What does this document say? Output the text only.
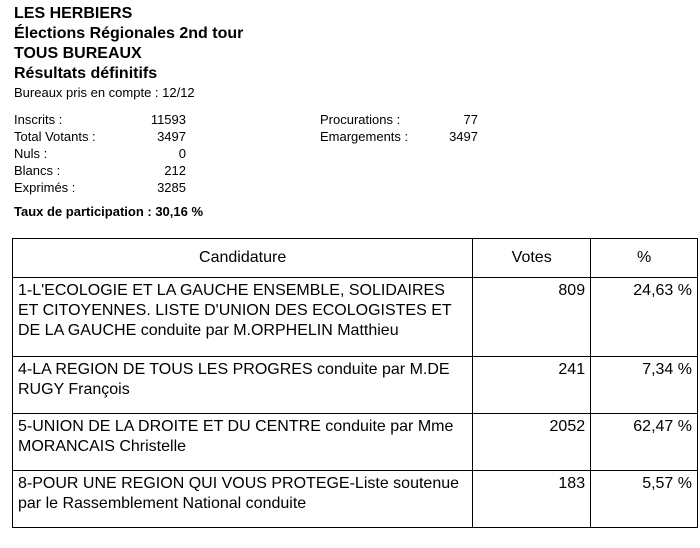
LES HERBIERS
Élections Régionales 2nd tour
TOUS BUREAUX
Résultats définitifs
Bureaux pris en compte : 12/12
Inscrits :	11593
Total Votants :	3497
Nuls :	0
Blancs :	212
Exprimés :	3285
Procurations :	77
Emargements :	3497
Taux de participation : 30,16 %
Candidature	Votes	%
1-L'ECOLOGIE ET LA GAUCHE ENSEMBLE, SOLIDAIRES ET CITOYENNES. LISTE D'UNION DES ECOLOGISTES ET DE LA GAUCHE conduite par M.ORPHELIN Matthieu	809	24,63 %
4-LA REGION DE TOUS LES PROGRES conduite par M.DE RUGY François	241	7,34 %
5-UNION DE LA DROITE ET DU CENTRE conduite par Mme MORANCAIS Christelle	2052	62,47 %
8-POUR UNE REGION QUI VOUS PROTEGE-Liste soutenue par le Rassemblement National conduite	183	5,57 %
